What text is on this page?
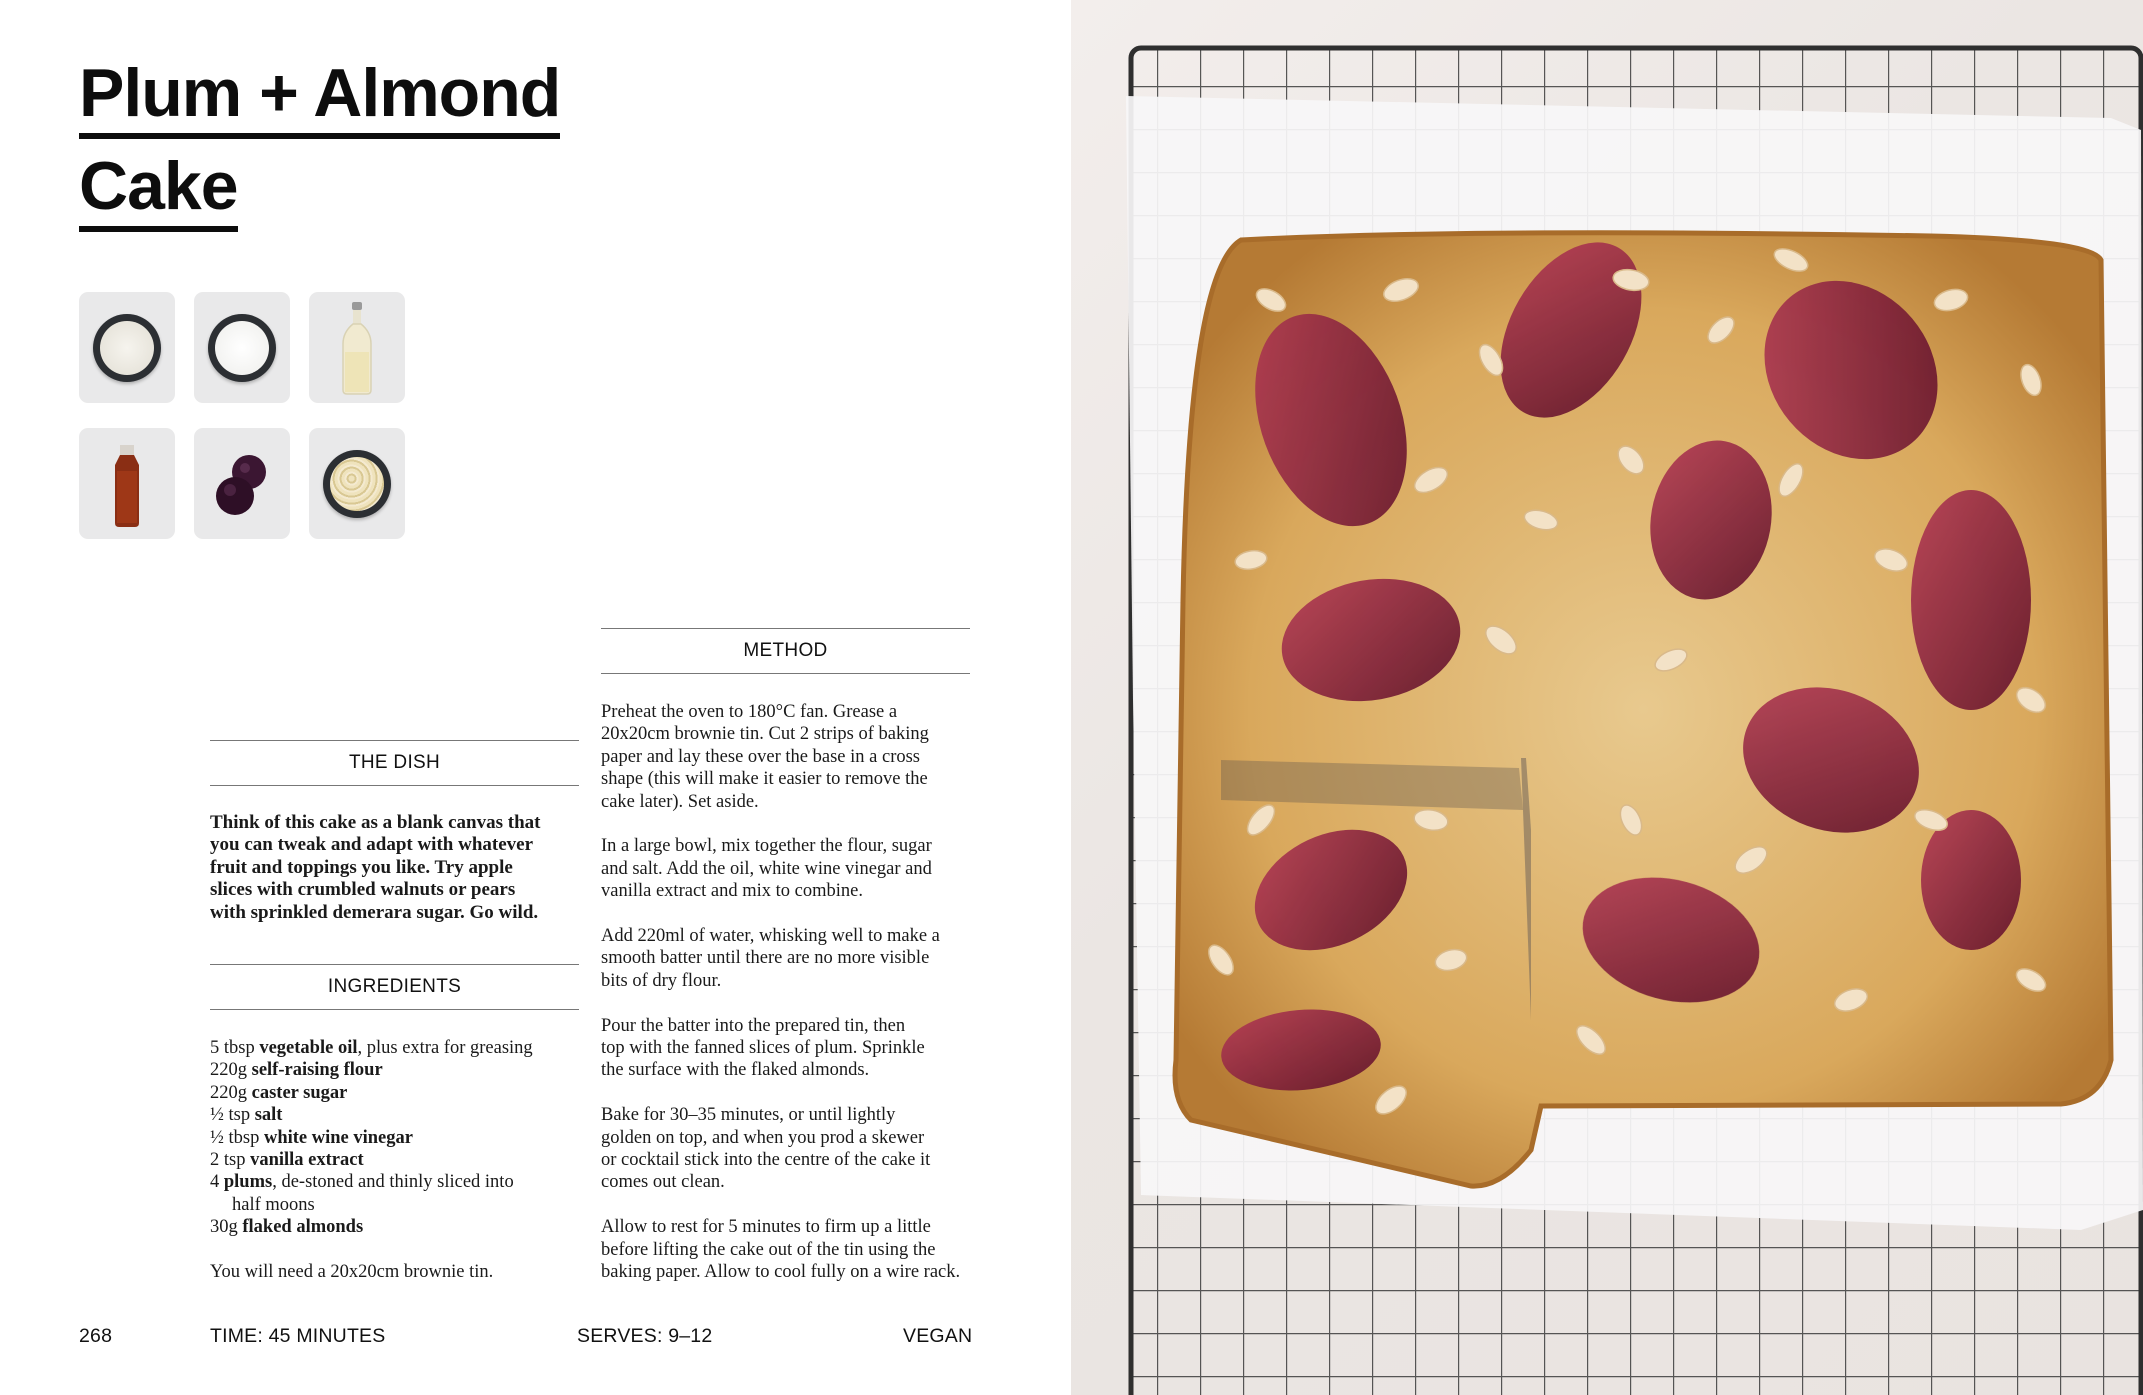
Plum + Almond
Cake
METHOD
THE DISH
Think of this cake as a blank canvas that
you can tweak and adapt with whatever
fruit and toppings you like. Try apple
slices with crumbled walnuts or pears
with sprinkled demerara sugar. Go wild.
INGREDIENTS
5 tbsp vegetable oil, plus extra for greasing
220g self-raising flour
220g caster sugar
½ tsp salt
½ tbsp white wine vinegar
2 tsp vanilla extract
4 plums, de-stoned and thinly sliced into
half moons
30g flaked almonds
You will need a 20x20cm brownie tin.

Preheat the oven to 180°C fan. Grease a
20x20cm brownie tin. Cut 2 strips of baking
paper and lay these over the base in a cross
shape (this will make it easier to remove the
cake later). Set aside.

In a large bowl, mix together the flour, sugar
and salt. Add the oil, white wine vinegar and
vanilla extract and mix to combine.

Add 220ml of water, whisking well to make a
smooth batter until there are no more visible
bits of dry flour.

Pour the batter into the prepared tin, then
top with the fanned slices of plum. Sprinkle
the surface with the flaked almonds.

Bake for 30–35 minutes, or until lightly
golden on top, and when you prod a skewer
or cocktail stick into the centre of the cake it
comes out clean.

Allow to rest for 5 minutes to firm up a little
before lifting the cake out of the tin using the
baking paper. Allow to cool fully on a wire rack.

268	TIME: 45 MINUTES	SERVES: 9–12	VEGAN
